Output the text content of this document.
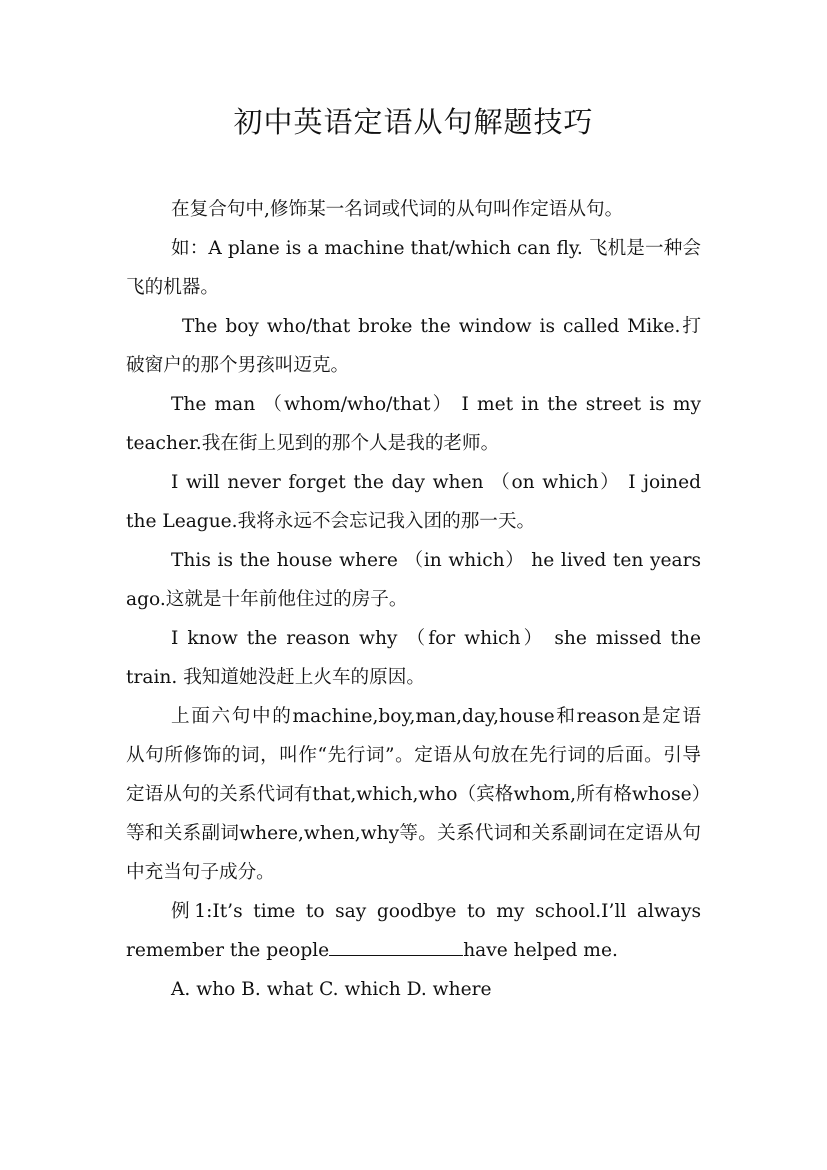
初中英语定语从句解题技巧

在复合句中,修饰某一名词或代词的从句叫作定语从句。

如：A plane is a machine that/which can fly. 飞机是一种会飞的机器。

The boy who/that broke the window is called Mike.打破窗户的那个男孩叫迈克。

The man （whom/who/that） I met in the street is my teacher.我在街上见到的那个人是我的老师。

I will never forget the day when （on which） I joined the League.我将永远不会忘记我入团的那一天。

This is the house where （in which） he lived ten years ago.这就是十年前他住过的房子。

I know the reason why （for which） she missed the train. 我知道她没赶上火车的原因。

上面六句中的machine,boy,man,day,house和reason是定语从句所修饰的词，叫作“先行词”。定语从句放在先行词的后面。引导定语从句的关系代词有that,which,who（宾格whom,所有格whose）等和关系副词where,when,why等。关系代词和关系副词在定语从句中充当句子成分。

例1:It’s time to say goodbye to my school.I’ll always remember the people	have helped me.

A. who B. what C. which D. where
